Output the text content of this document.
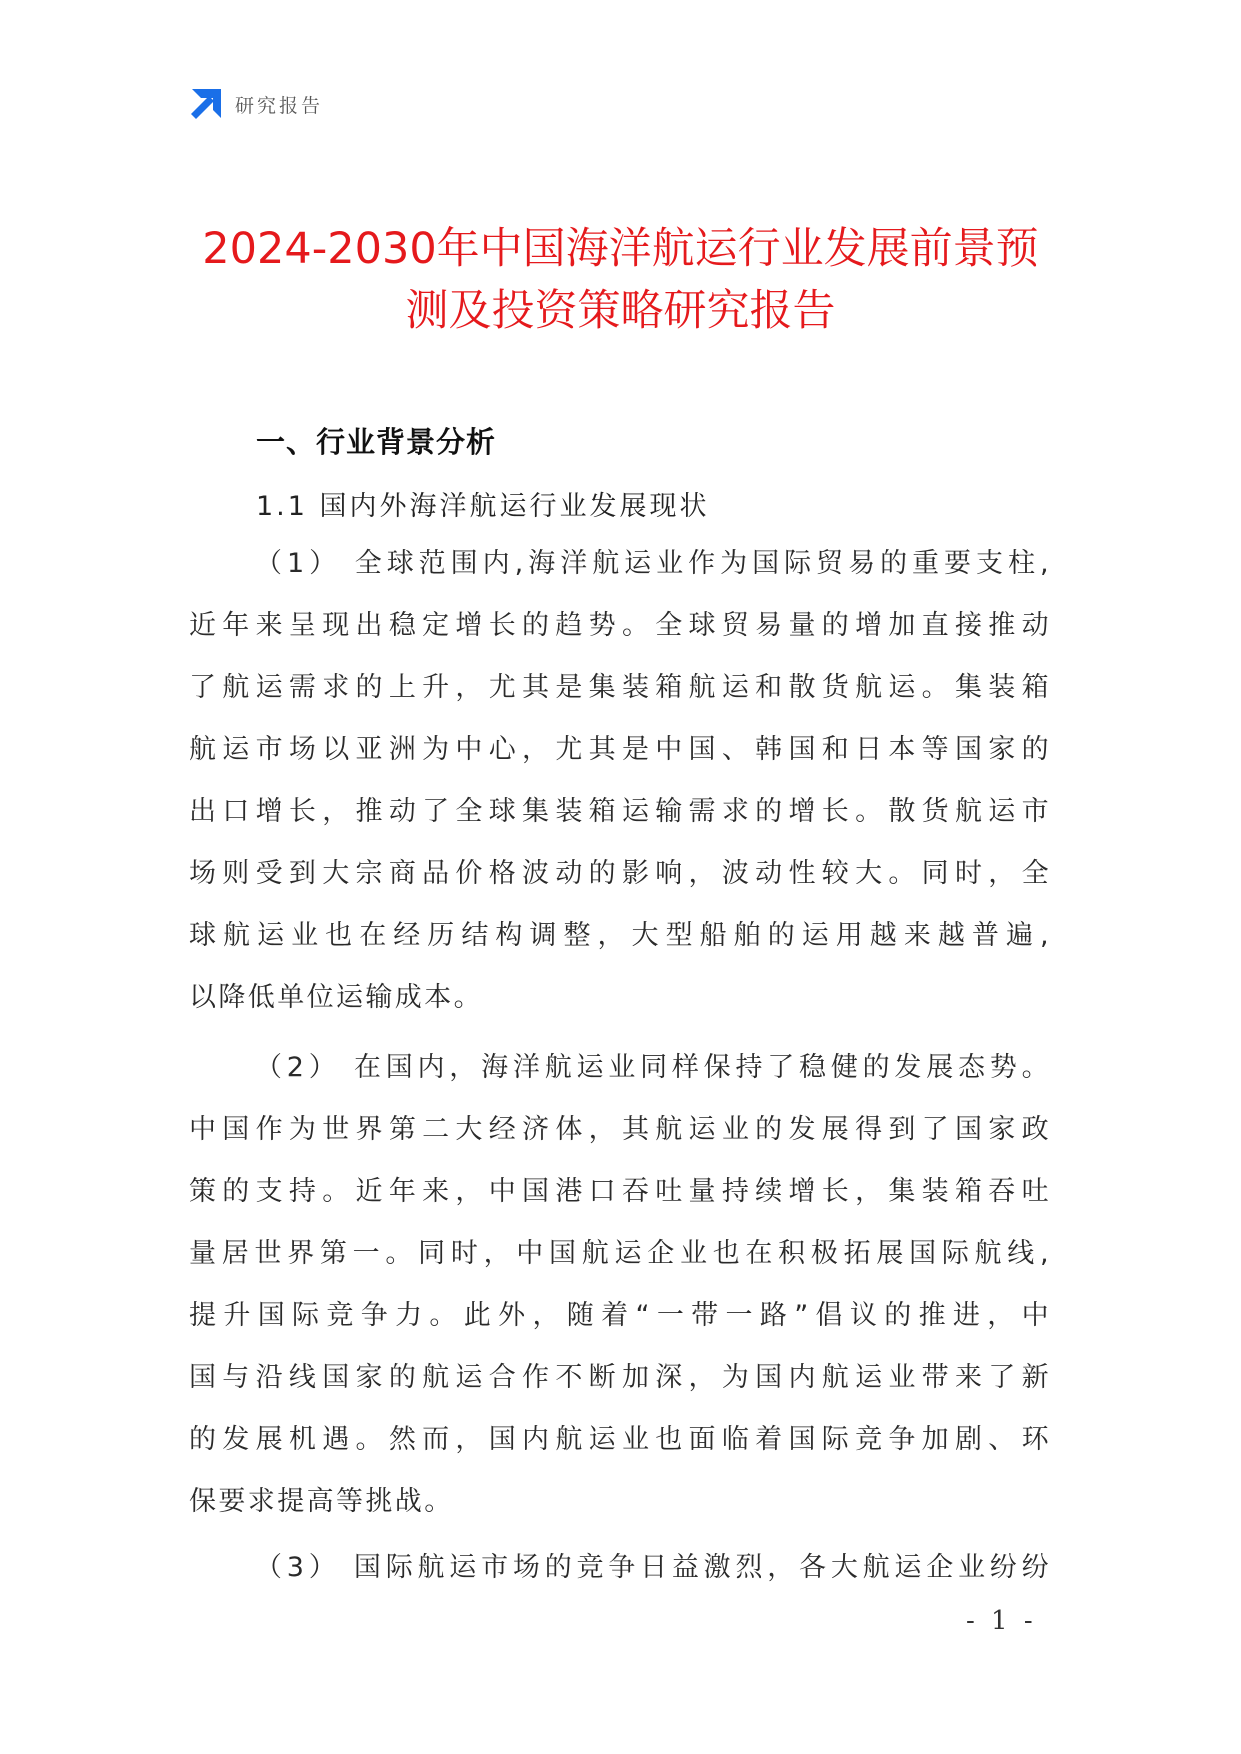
研究报告
2024-2030年中国海洋航运行业发展前景预
测及投资策略研究报告
一、行业背景分析
1.1 国内外海洋航运行业发展现状
（1） 全球范围内,海洋航运业作为国际贸易的重要支柱,
近年来呈现出稳定增长的趋势。全球贸易量的增加直接推动
了航运需求的上升，尤其是集装箱航运和散货航运。集装箱
航运市场以亚洲为中心，尤其是中国、韩国和日本等国家的
出口增长，推动了全球集装箱运输需求的增长。散货航运市
场则受到大宗商品价格波动的影响，波动性较大。同时，全
球航运业也在经历结构调整，大型船舶的运用越来越普遍,
以降低单位运输成本。
（2） 在国内，海洋航运业同样保持了稳健的发展态势。
中国作为世界第二大经济体，其航运业的发展得到了国家政
策的支持。近年来，中国港口吞吐量持续增长，集装箱吞吐
量居世界第一。同时，中国航运企业也在积极拓展国际航线,
提升国际竞争力。此外，随着“一带一路”倡议的推进，中
国与沿线国家的航运合作不断加深，为国内航运业带来了新
的发展机遇。然而，国内航运业也面临着国际竞争加剧、环
保要求提高等挑战。
（3） 国际航运市场的竞争日益激烈，各大航运企业纷纷
- 1 -
